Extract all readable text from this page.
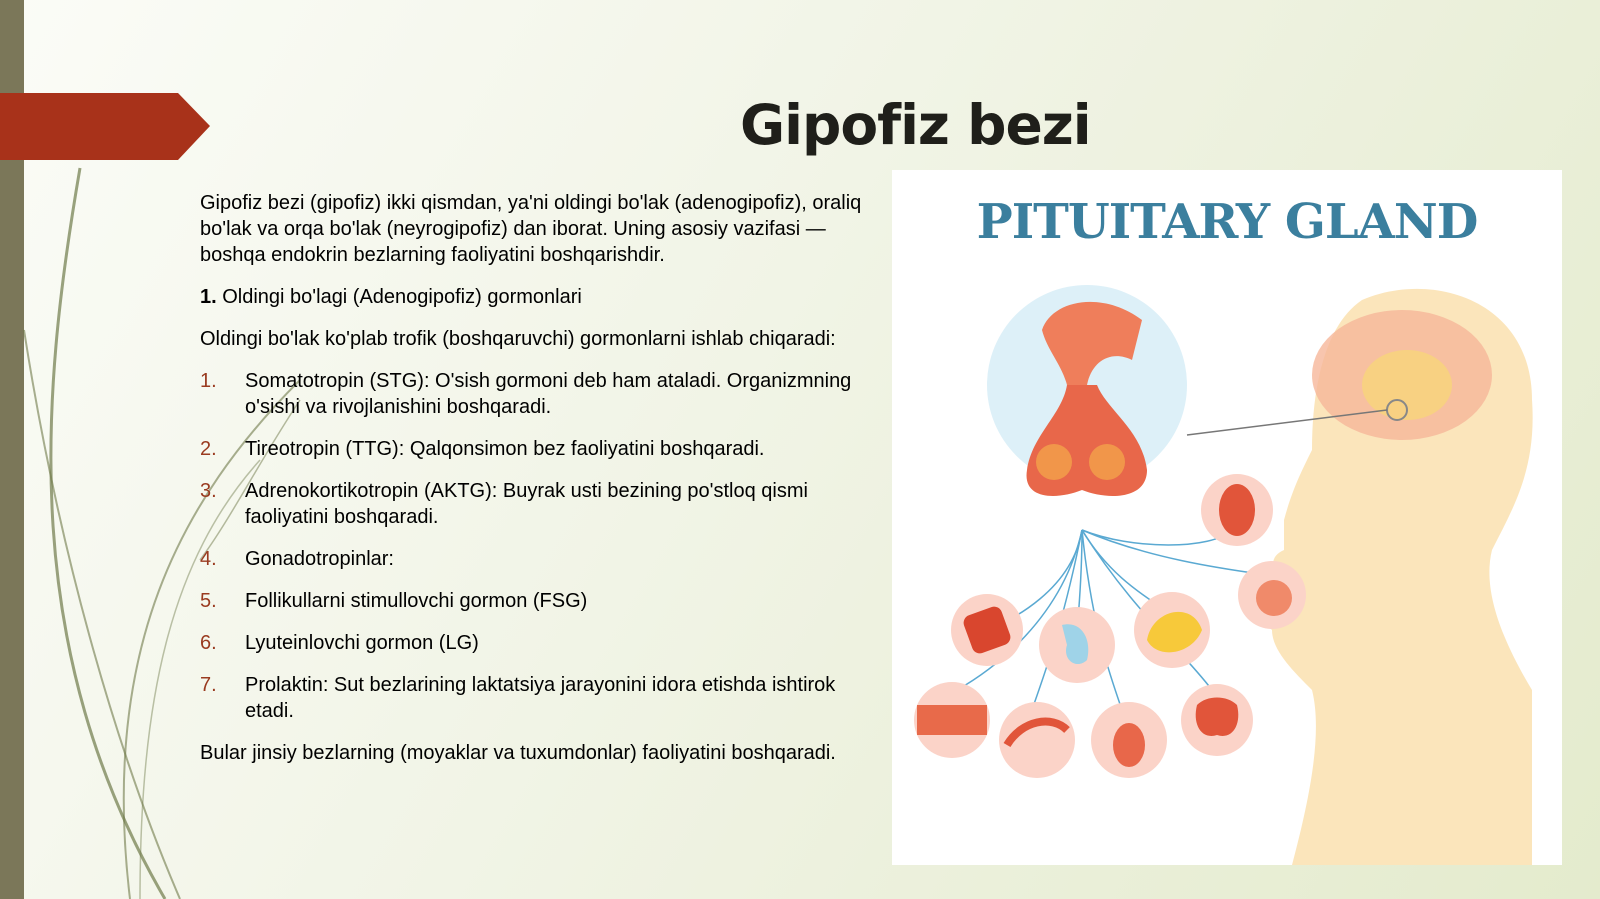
Gipofiz bezi

Gipofiz bezi (gipofiz) ikki qismdan, ya'ni oldingi bo'lak (adenogipofiz), oraliq bo'lak va orqa bo'lak (neyrogipofiz) dan iborat. Uning asosiy vazifasi — boshqa endokrin bezlarning faoliyatini boshqarishdir.

1. Oldingi bo'lagi (Adenogipofiz) gormonlari

Oldingi bo'lak ko'plab trofik (boshqaruvchi) gormonlarni ishlab chiqaradi:

1.	Somatotropin (STG): O'sish gormoni deb ham ataladi. Organizmning o'sishi va rivojlanishini boshqaradi.
2.	Tireotropin (TTG): Qalqonsimon bez faoliyatini boshqaradi.
3.	Adrenokortikotropin (AKTG): Buyrak usti bezining po'stloq qismi faoliyatini boshqaradi.
4.	Gonadotropinlar:
5.	Follikullarni stimullovchi gormon (FSG)
6.	Lyuteinlovchi gormon (LG)
7.	Prolaktin: Sut bezlarining laktatsiya jarayonini idora etishda ishtirok etadi.

Bular jinsiy bezlarning (moyaklar va tuxumdonlar) faoliyatini boshqaradi.

PITUITARY GLAND
